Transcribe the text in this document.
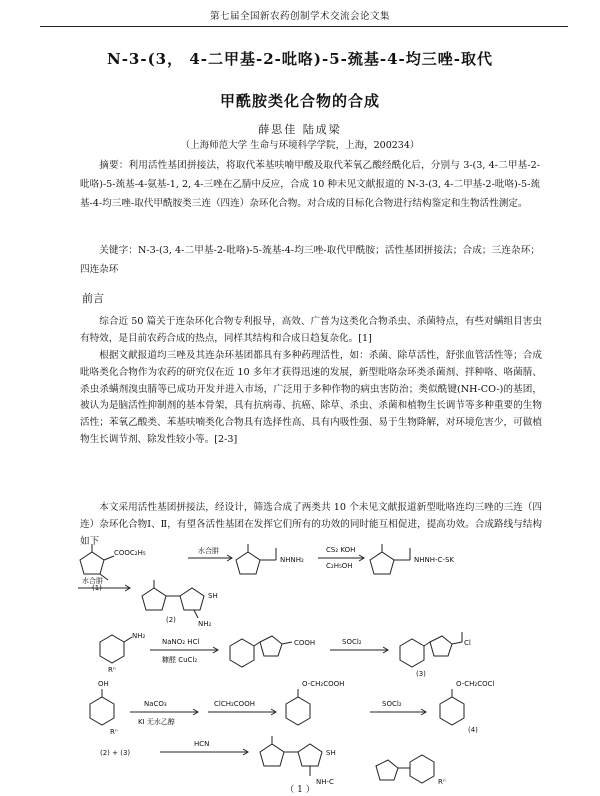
第七届全国新农药创制学术交流会论文集
N-3-(3， 4-二甲基-2-吡咯)-5-巯基-4-均三唑-取代
甲酰胺类化合物的合成
薛思佳 陆成梁
（上海师范大学 生命与环境科学学院，上海，200234）

摘要：利用活性基团拼接法，将取代苯基呋喃甲酸及取代苯氧乙酸经酰化后，分别与 3-(3, 4-二甲基-2-吡咯)-5-巯基-4-氨基-1, 2, 4-三唑在乙腈中反应，合成 10 种未见文献报道的 N-3-(3, 4-二甲基-2-吡咯)-5-巯基-4-均三唑-取代甲酰胺类三连（四连）杂环化合物。对合成的目标化合物进行结构鉴定和生物活性测定。

关键字：N-3-(3, 4-二甲基-2-吡咯)-5-巯基-4-均三唑-取代甲酰胺；活性基团拼接法；合成；三连杂环；四连杂环

前言

综合近 50 篇关于连杂环化合物专利报导，高效、广普为这类化合物杀虫、杀菌特点，有些对螨组目害虫有特效，是目前农药合成的热点，同样其结构和合成日趋复杂化。[1]

根据文献报道均三唑及其连杂环基团都具有多种药理活性，如：杀菌、除草活性，舒张血管活性等；合成吡咯类化合物作为农药的研究仅在近 10 多年才获得迅速的发展，新型吡咯杂环类杀菌剂、拌种咯、咯菌腈、杀虫杀螨剂溴虫腈等已成功开发并进入市场，广泛用于多种作物的病虫害防治；类似酰键(NH-CO-)的基团，被认为是脑活性抑制剂的基本骨架，具有抗病毒、抗癌、除草、杀虫、杀菌和植物生长调节等多种重要的生物活性；苯氧乙酸类、苯基呋喃类化合物具有选择性高、具有内吸性强、易于生物降解，对环境危害少，可做植物生长调节剂、除发性较小等。[2-3]

本文采用活性基团拼接法，经设计，筛选合成了两类共 10 个未见文献报道新型吡咯连均三唑的三连（四连）杂环化合物Ⅰ、Ⅱ，有望各活性基团在发挥它们所有的功效的同时能互相促进，提高功效。合成路线与结构如下

COOC₂H₅	水合肼
(1)
NHNH₂
CS₂ KOH
C₂H₅OH
NHNH-C-SK
水合肼
SH
NH₂
(2)
NH₂
Rⁿ
NaNO₂ HCl
糠醛 CuCl₂
COOH	SOCl₂	Cl
(3)
OH
Rⁿ
NaCO₃
KI 无水乙醇
ClCH₂COOH
O-CH₂COOH
SOCl₂
O-CH₂COCl
(4)
(2) + (3)
HCN
SH
NH-C	Rⁿ
（ 1 ）
